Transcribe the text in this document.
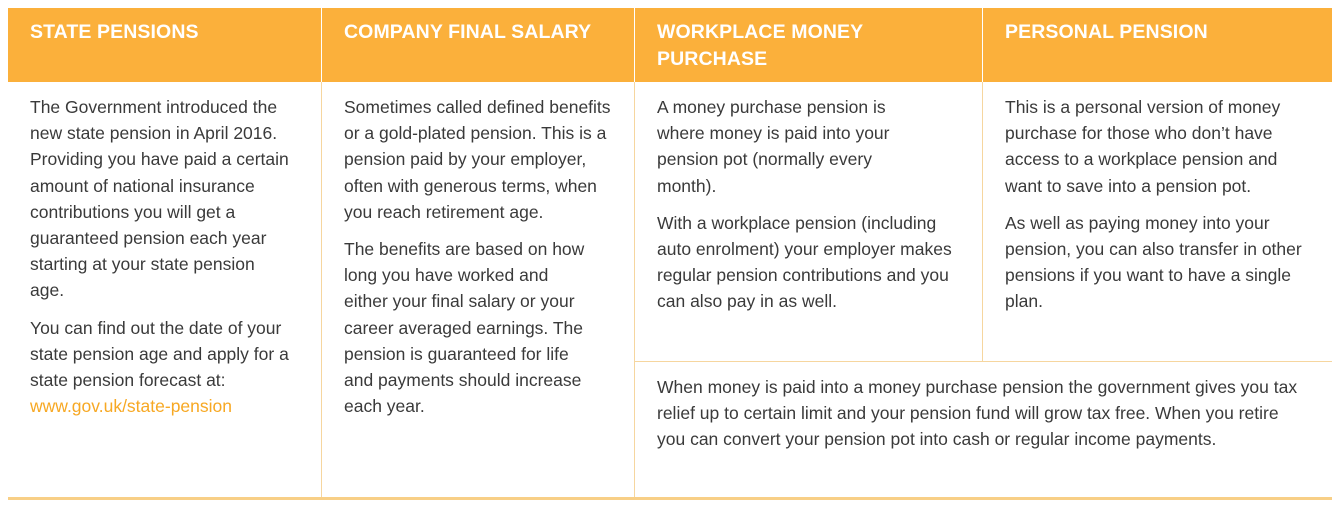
STATE PENSIONS	COMPANY FINAL SALARY	WORKPLACE MONEY
PURCHASE
PERSONAL PENSION

The Government introduced the new state pension in April 2016. Providing you have paid a certain amount of national insurance contributions you will get a guaranteed pension each year starting at your state pension age.

You can find out the date of your state pension age and apply for a state pension forecast at:
www.gov.uk/state-pension

Sometimes called defined benefits or a gold-plated pension. This is a pension paid by your employer, often with generous terms, when you reach retirement age.

The benefits are based on how long you have worked and either your final salary or your career averaged earnings. The pension is guaranteed for life and payments should increase each year.

A money purchase pension is where money is paid into your pension pot (normally every month).

With a workplace pension (including auto enrolment) your employer makes regular pension contributions and you can also pay in as well.

This is a personal version of money purchase for those who don’t have access to a workplace pension and want to save into a pension pot.

As well as paying money into your pension, you can also transfer in other pensions if you want to have a single plan.

When money is paid into a money purchase pension the government gives you tax relief up to certain limit and your pension fund will grow tax free. When you retire you can convert your pension pot into cash or regular income payments.
